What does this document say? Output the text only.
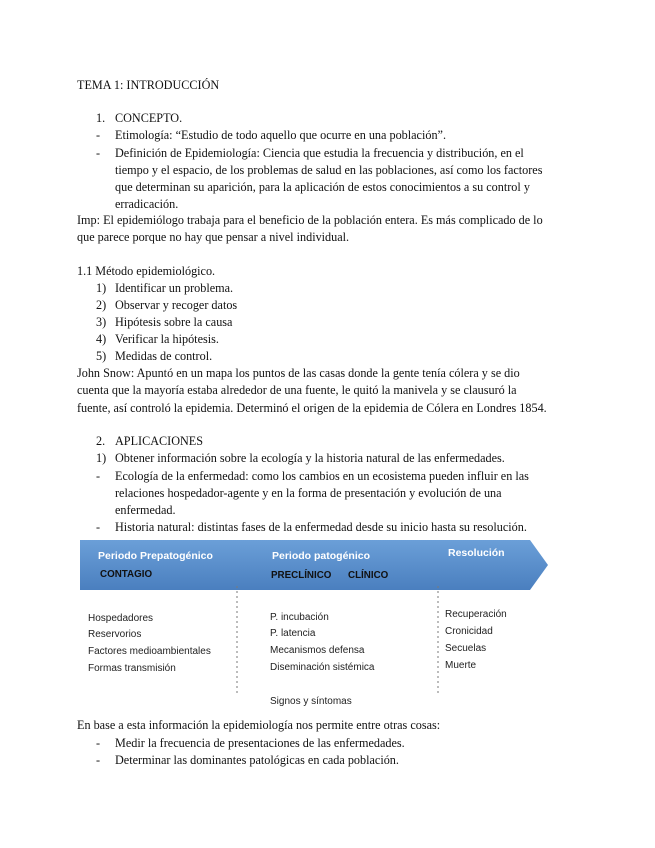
TEMA 1: INTRODUCCIÓN
1. CONCEPTO.
- Etimología: “Estudio de todo aquello que ocurre en una población”.
- Definición de Epidemiología: Ciencia que estudia la frecuencia y distribución, en el
tiempo y el espacio, de los problemas de salud en las poblaciones, así como los factores
que determinan su aparición, para la aplicación de estos conocimientos a su control y
erradicación.
Imp: El epidemiólogo trabaja para el beneficio de la población entera. Es más complicado de lo
que parece porque no hay que pensar a nivel individual.
1.1 Método epidemiológico.
1) Identificar un problema.
2) Observar y recoger datos
3) Hipótesis sobre la causa
4) Verificar la hipótesis.
5) Medidas de control.
John Snow: Apuntó en un mapa los puntos de las casas donde la gente tenía cólera y se dio
cuenta que la mayoría estaba alrededor de una fuente, le quitó la manivela y se clausuró la
fuente, así controló la epidemia. Determinó el origen de la epidemia de Cólera en Londres 1854.
2. APLICACIONES
1) Obtener información sobre la ecología y la historia natural de las enfermedades.
- Ecología de la enfermedad: como los cambios en un ecosistema pueden influir en las
relaciones hospedador-agente y en la forma de presentación y evolución de una
enfermedad.
- Historia natural: distintas fases de la enfermedad desde su inicio hasta su resolución.
Periodo Prepatogénico
CONTAGIO
Periodo patogénico
PRECLÍNICO CLÍNICO
Resolución
Hospedadores
Reservorios
Factores medioambientales
Formas transmisión
P. incubación
P. latencia
Mecanismos defensa
Diseminación sistémica
Signos y síntomas
Recuperación
Cronicidad
Secuelas
Muerte
En base a esta información la epidemiología nos permite entre otras cosas:
- Medir la frecuencia de presentaciones de las enfermedades.
- Determinar las dominantes patológicas en cada población.
